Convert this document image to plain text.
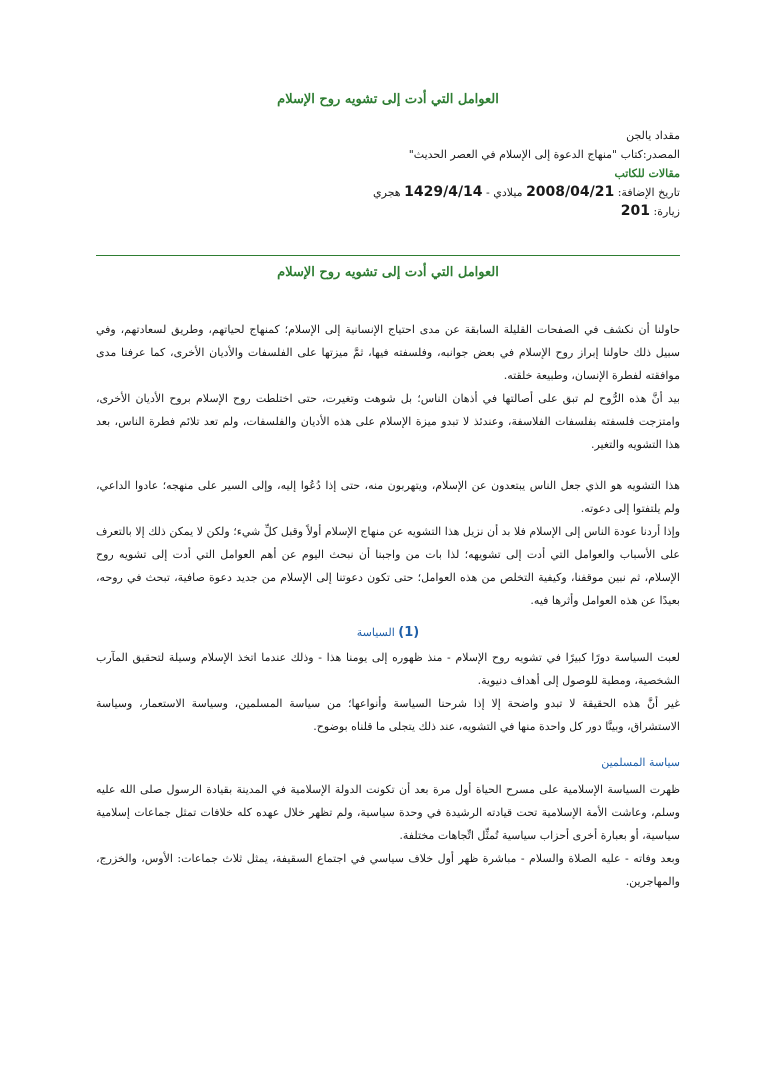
العوامل التي أدت إلى تشويه روح الإسلام
مقداد يالجن
المصدر:كتاب "منهاج الدعوة إلى الإسلام في العصر الحديث"
مقالات للكاتب
تاريخ الإضافة: 2008/04/21 ميلادي - 1429/4/14 هجري
زيارة: 201
العوامل التي أدت إلى تشويه روح الإسلام

حاولنا أن نكشف في الصفحات القليلة السابقة عن مدى احتياج الإنسانية إلى الإسلام؛ كمنهاج لحياتهم، وطريق لسعادتهم، وفي سبيل ذلك حاولنا إبراز روح الإسلام في بعض جوانبه، وفلسفته فيها، ثمَّ ميزتها على الفلسفات والأديان الأخرى، كما عرفنا مدى موافقته لفطرة الإنسان، وطبيعة خلقته.

بيد أنَّ هذه الرُّوح لم تبق على أصالتها في أذهان الناس؛ بل شوهت وتغيرت، حتى اختلطت روح الإسلام بروح الأديان الأخرى، وامتزجت فلسفته بفلسفات الفلاسفة، وعندئذ لا تبدو ميزة الإسلام على هذه الأديان والفلسفات، ولم تعد تلائم فطرة الناس، بعد هذا التشويه والتغير.

هذا التشويه هو الذي جعل الناس يبتعدون عن الإسلام، ويتهربون منه، حتى إذا دُعُوا إليه، وإلى السير على منهجه؛ عادوا الداعي، ولم يلتفتوا إلى دعوته.

وإذا أردنا عودة الناس إلى الإسلام فلا بد أن نزيل هذا التشويه عن منهاج الإسلام أولاً وقبل كلِّ شيء؛ ولكن لا يمكن ذلك إلا بالتعرف على الأسباب والعوامل التي أدت إلى تشويهه؛ لذا بات من واجبنا أن نبحث اليوم عن أهم العوامل التي أدت إلى تشويه روح الإسلام، ثم نبين موقفنا، وكيفية التخلص من هذه العوامل؛ حتى تكون دعوتنا إلى الإسلام من جديد دعوة صافية، تبحث في روحه، بعيدًا عن هذه العوامل وأثرها فيه.

(1) السياسة

لعبت السياسة دورًا كبيرًا في تشويه روح الإسلام - منذ ظهوره إلى يومنا هذا - وذلك عندما اتخذ الإسلام وسيلة لتحقيق المآرب الشخصية، ومطية للوصول إلى أهداف دنيوية.

غير أنَّ هذه الحقيقة لا تبدو واضحة إلا إذا شرحنا السياسة وأنواعها؛ من سياسة المسلمين، وسياسة الاستعمار، وسياسة الاستشراق، وبينَّا دور كل واحدة منها في التشويه، عند ذلك يتجلى ما قلناه بوضوح.

سياسة المسلمين

ظهرت السياسة الإسلامية على مسرح الحياة أول مرة بعد أن تكونت الدولة الإسلامية في المدينة بقيادة الرسول صلى الله عليه وسلم، وعاشت الأمة الإسلامية تحت قيادته الرشيدة في وحدة سياسية، ولم تظهر خلال عهده كله خلافات تمثل جماعات إسلامية سياسية، أو بعبارة أخرى أحزاب سياسية تُمثِّل اتِّجاهات مختلفة.

وبعد وفاته - عليه الصلاة والسلام - مباشرة ظهر أول خلاف سياسي في اجتماع السقيفة، يمثل ثلاث جماعات: الأوس، والخزرج، والمهاجرين.
